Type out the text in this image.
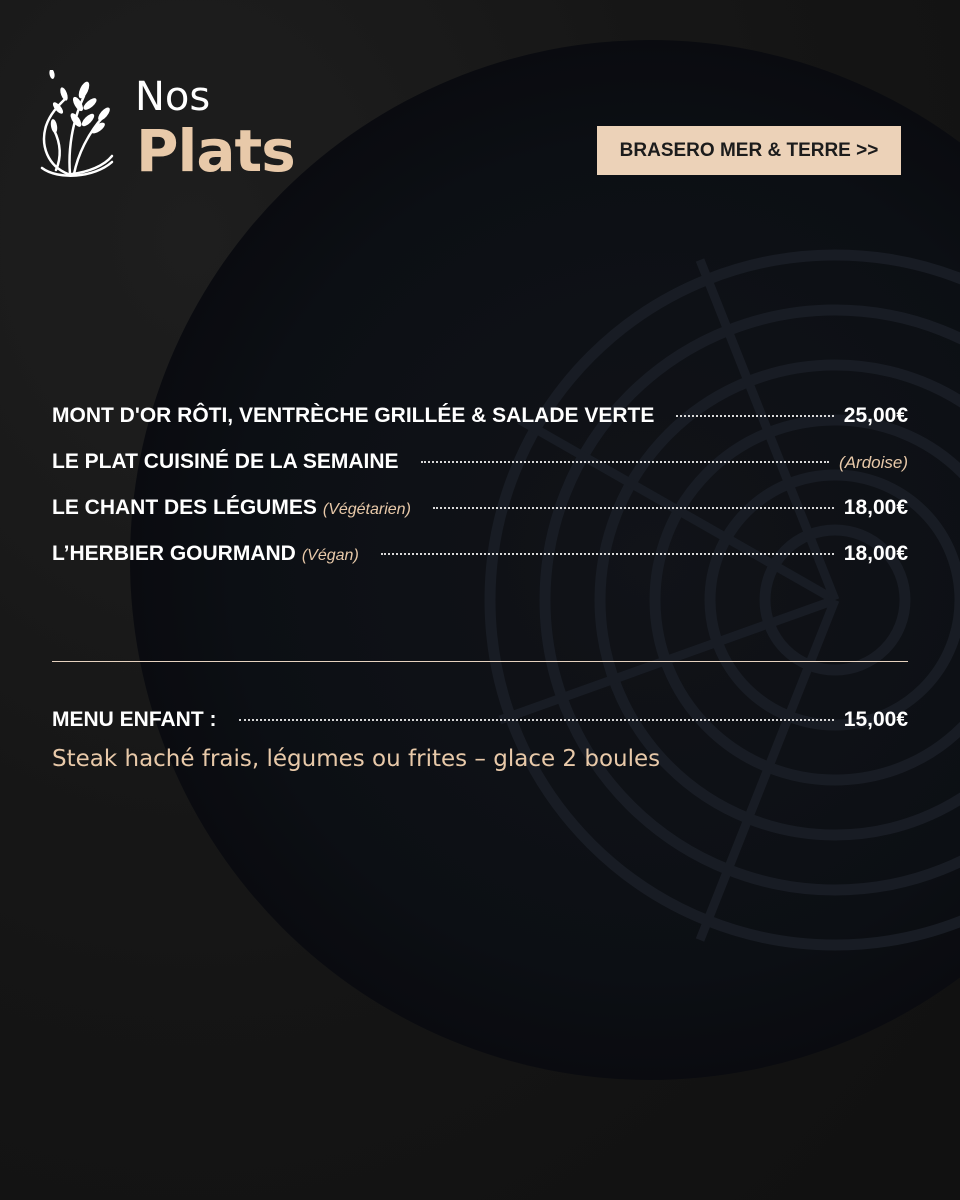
Nos
Plats	BRASERO MER & TERRE >>
MONT D'OR RÔTI, VENTRÈCHE GRILLÉE & SALADE VERTE	25,00€
LE PLAT CUISINÉ DE LA SEMAINE	(Ardoise)
LE CHANT DES LÉGUMES (Végétarien)	18,00€
L’HERBIER GOURMAND (Végan)	18,00€
MENU ENFANT :	15,00€
Steak haché frais, légumes ou frites – glace 2 boules
